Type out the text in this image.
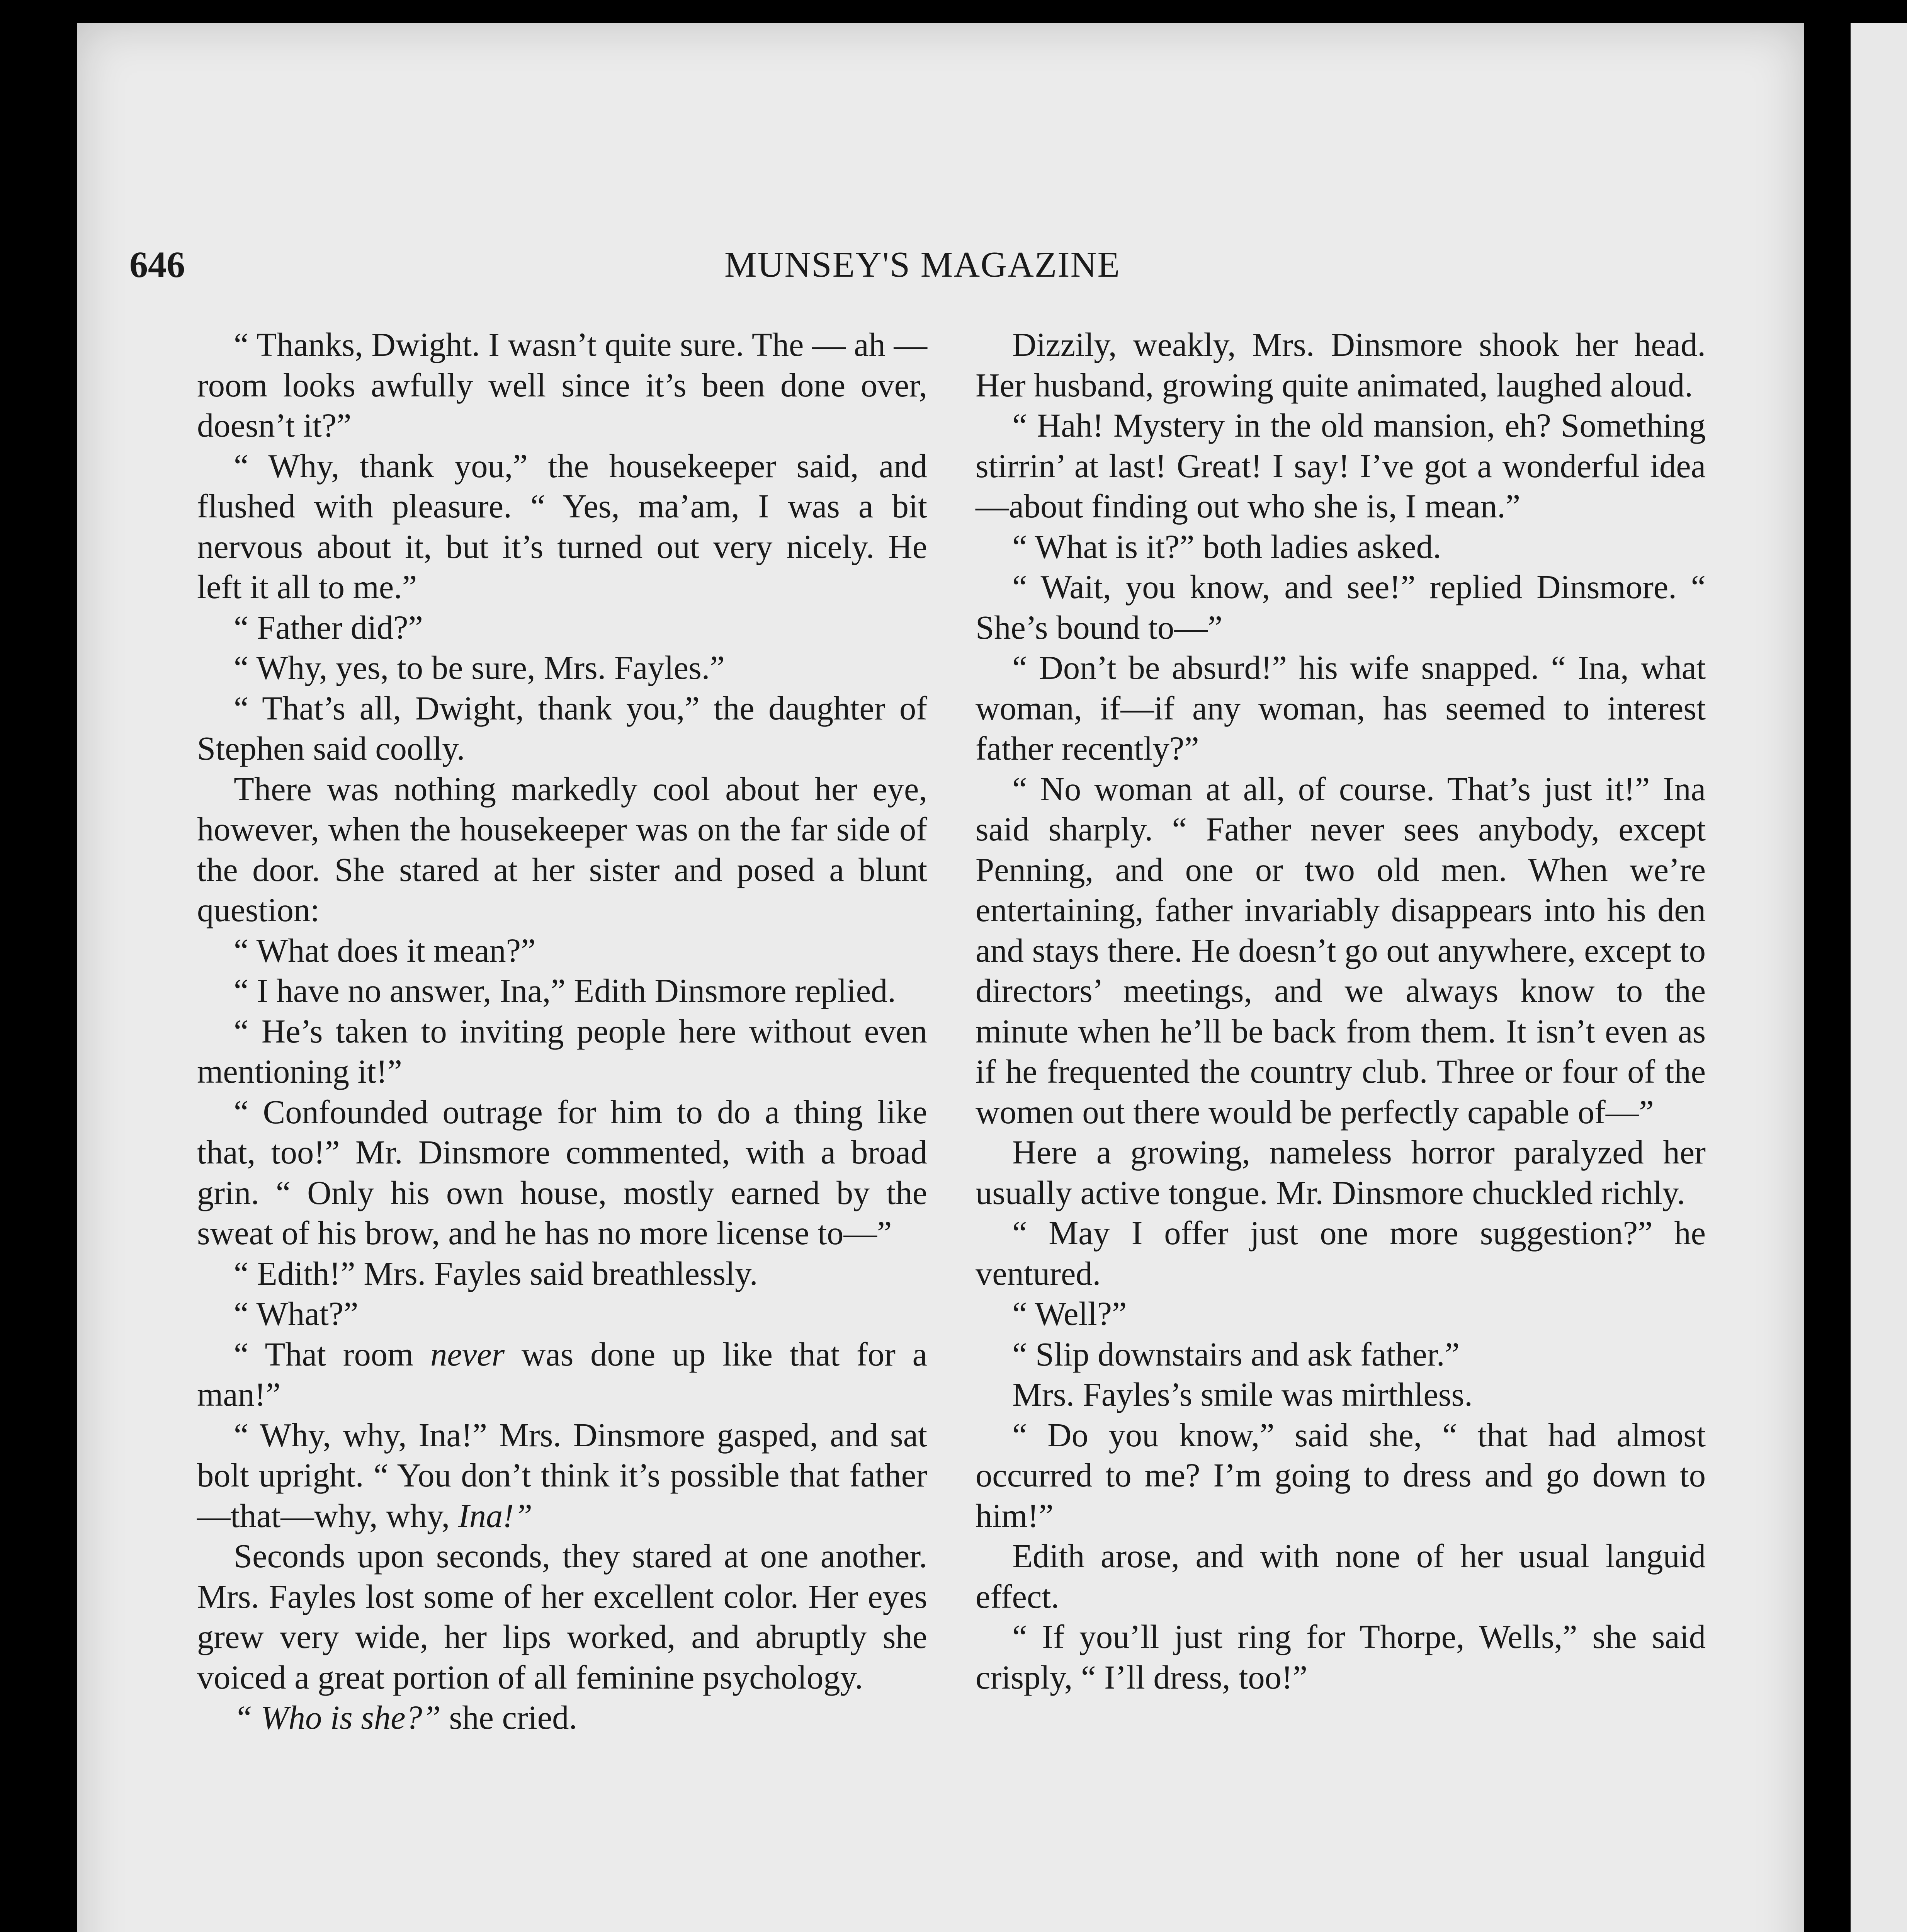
646	MUNSEY'S MAGAZINE

“ Thanks, Dwight. I wasn’t quite sure. The — ah — room looks awfully well since it’s been done over, doesn’t it?”

“ Why, thank you,” the housekeeper said, and flushed with pleasure. “ Yes, ma’am, I was a bit nervous about it, but it’s turned out very nicely. He left it all to me.”

“ Father did?”

“ Why, yes, to be sure, Mrs. Fayles.”

“ That’s all, Dwight, thank you,” the daughter of Stephen said coolly.

There was nothing markedly cool about her eye, however, when the housekeeper was on the far side of the door. She stared at her sister and posed a blunt question:

“ What does it mean?”

“ I have no answer, Ina,” Edith Dinsmore replied.

“ He’s taken to inviting people here without even mentioning it!”

“ Confounded outrage for him to do a thing like that, too!” Mr. Dinsmore commented, with a broad grin. “ Only his own house, mostly earned by the sweat of his brow, and he has no more license to—”

“ Edith!” Mrs. Fayles said breathlessly.

“ What?”

“ That room never was done up like that for a man!”

“ Why, why, Ina!” Mrs. Dinsmore gasped, and sat bolt upright. “ You don’t think it’s possible that father—that—why, why, Ina!”

Seconds upon seconds, they stared at one another. Mrs. Fayles lost some of her excellent color. Her eyes grew very wide, her lips worked, and abruptly she voiced a great portion of all feminine psychology.

“ Who is she?” she cried.

Dizzily, weakly, Mrs. Dinsmore shook her head. Her husband, growing quite animated, laughed aloud.

“ Hah! Mystery in the old mansion, eh? Something stirrin’ at last! Great! I say! I’ve got a wonderful idea—about finding out who she is, I mean.”

“ What is it?” both ladies asked.

“ Wait, you know, and see!” replied Dinsmore. “ She’s bound to—”

“ Don’t be absurd!” his wife snapped. “ Ina, what woman, if—if any woman, has seemed to interest father recently?”

“ No woman at all, of course. That’s just it!” Ina said sharply. “ Father never sees anybody, except Penning, and one or two old men. When we’re entertaining, father invariably disappears into his den and stays there. He doesn’t go out anywhere, except to directors’ meetings, and we always know to the minute when he’ll be back from them. It isn’t even as if he frequented the country club. Three or four of the women out there would be perfectly capable of—”

Here a growing, nameless horror paralyzed her usually active tongue. Mr. Dinsmore chuckled richly.

“ May I offer just one more suggestion?” he ventured.

“ Well?”

“ Slip downstairs and ask father.”

Mrs. Fayles’s smile was mirthless.

“ Do you know,” said she, “ that had almost occurred to me? I’m going to dress and go down to him!”

Edith arose, and with none of her usual languid effect.

“ If you’ll just ring for Thorpe, Wells,” she said crisply, “ I’ll dress, too!”
